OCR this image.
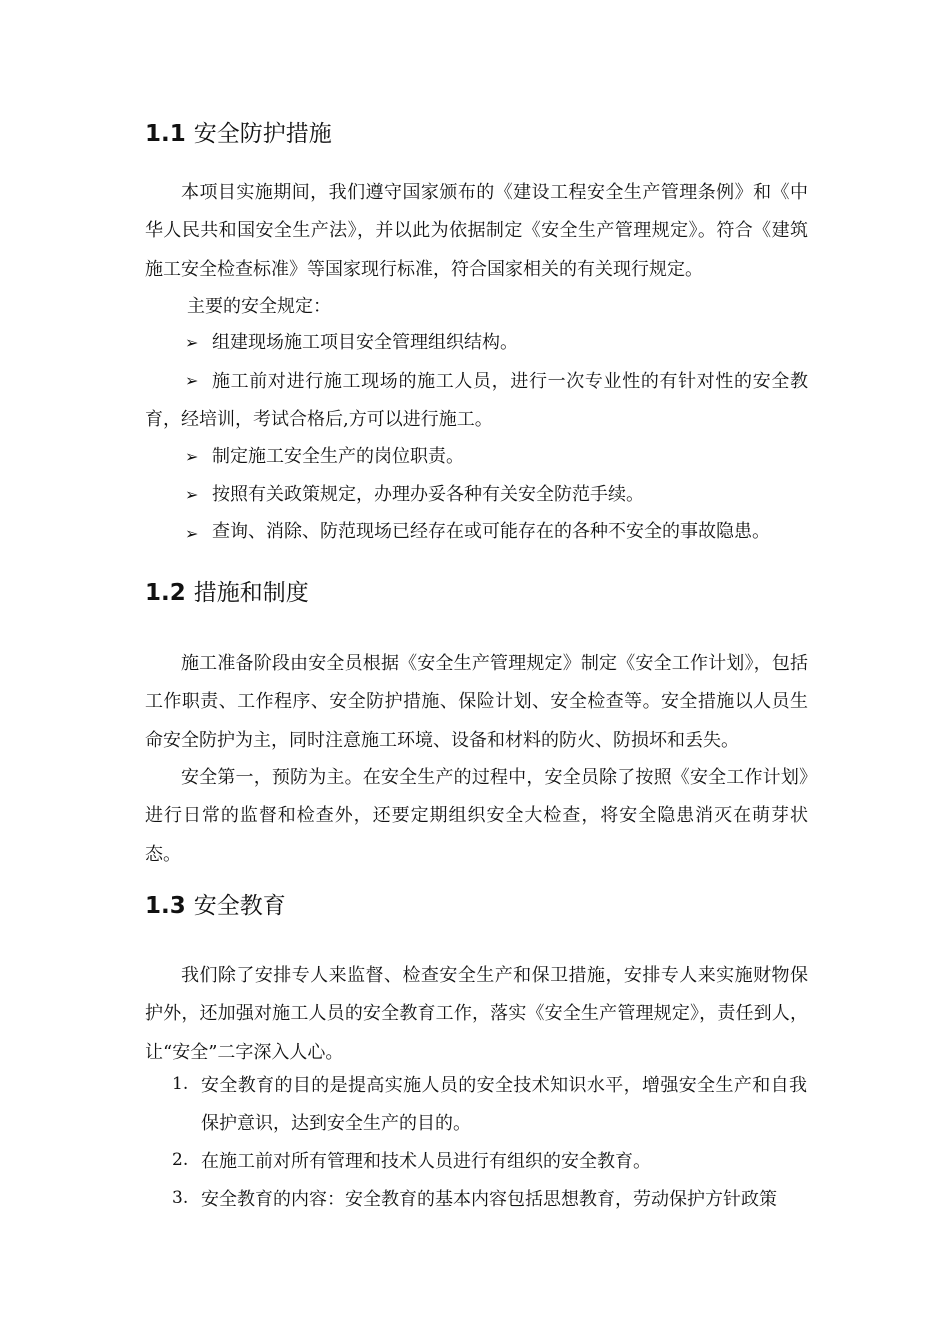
1.1 安全防护措施

本项目实施期间，我们遵守国家颁布的《建设工程安全生产管理条例》和《中华人民共和国安全生产法》，并以此为依据制定《安全生产管理规定》。符合《建筑施工安全检查标准》等国家现行标准，符合国家相关的有关现行规定。

主要的安全规定：
➢ 组建现场施工项目安全管理组织结构。
➢ 施工前对进行施工现场的施工人员，进行一次专业性的有针对性的安全教育，经培训，考试合格后,方可以进行施工。

➢ 制定施工安全生产的岗位职责。
➢ 按照有关政策规定，办理办妥各种有关安全防范手续。
➢ 查询、消除、防范现场已经存在或可能存在的各种不安全的事故隐患。
1.2 措施和制度

施工准备阶段由安全员根据《安全生产管理规定》制定《安全工作计划》，包括工作职责、工作程序、安全防护措施、保险计划、安全检查等。安全措施以人员生命安全防护为主，同时注意施工环境、设备和材料的防火、防损坏和丢失。

安全第一，预防为主。在安全生产的过程中，安全员除了按照《安全工作计划》进行日常的监督和检查外，还要定期组织安全大检查，将安全隐患消灭在萌芽状态。

1.3 安全教育

我们除了安排专人来监督、检查安全生产和保卫措施，安排专人来实施财物保护外，还加强对施工人员的安全教育工作，落实《安全生产管理规定》，责任到人，让“安全”二字深入人心。

1. 安全教育的目的是提高实施人员的安全技术知识水平，增强安全生产和自我保护意识，达到安全生产的目的。

2. 在施工前对所有管理和技术人员进行有组织的安全教育。

3. 安全教育的内容：安全教育的基本内容包括思想教育，劳动保护方针政策
